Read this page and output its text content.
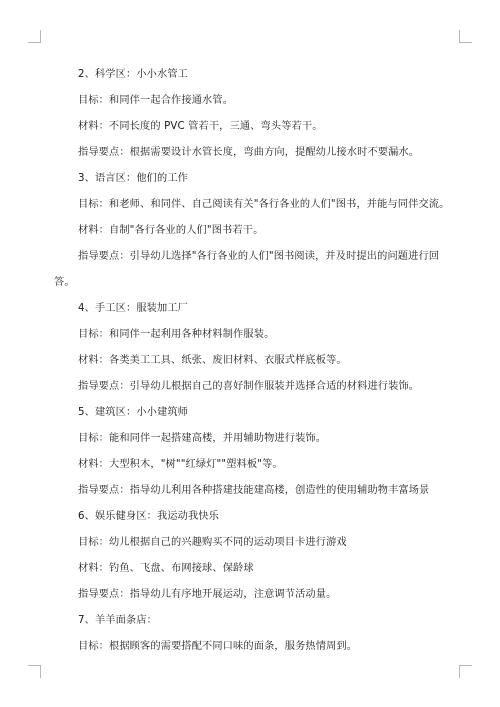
2、科学区：小小水管工
目标：和同伴一起合作接通水管。
材料：不同长度的 PVC 管若干，三通、弯头等若干。
指导要点：根据需要设计水管长度，弯曲方向，提醒幼儿接水时不要漏水。
3、语言区：他们的工作
目标：和老师、和同伴、自己阅读有关"各行各业的人们"图书，并能与同伴交流。
材料：自制"各行各业的人们"图书若干。
指导要点：引导幼儿选择"各行各业的人们"图书阅读，并及时提出的问题进行回
答。
4、手工区：服装加工厂
目标：和同伴一起利用各种材料制作服装。
材料：各类美工工具、纸张、废旧材料、衣服式样底板等。
指导要点：引导幼儿根据自己的喜好制作服装并选择合适的材料进行装饰。
5、建筑区：小小建筑师
目标：能和同伴一起搭建高楼，并用辅助物进行装饰。
材料：大型积木，"树""红绿灯""塑料板"等。
指导要点：指导幼儿利用各种搭建技能建高楼，创造性的使用辅助物丰富场景
6、娱乐健身区：我运动我快乐
目标：幼儿根据自己的兴趣购买不同的运动项目卡进行游戏
材料：钓鱼、飞盘、布网接球、保龄球
指导要点：指导幼儿有序地开展运动，注意调节活动量。
7、羊羊面条店：
目标：根据顾客的需要搭配不同口味的面条，服务热情周到。
